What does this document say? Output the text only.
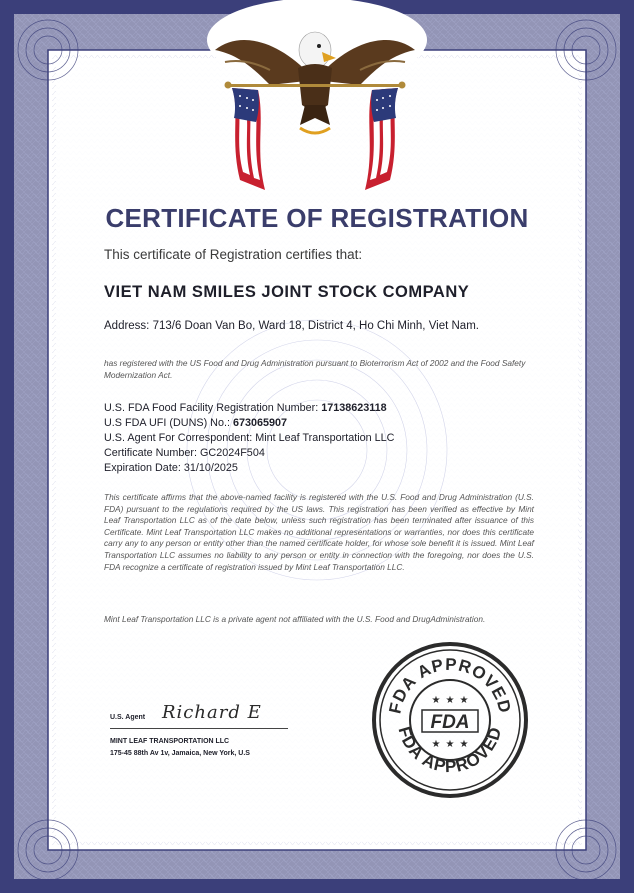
CERTIFICATE OF REGISTRATION
This certificate of Registration certifies that:
VIET NAM SMILES JOINT STOCK COMPANY
Address: 713/6 Doan Van Bo, Ward 18, District 4, Ho Chi Minh, Viet Nam.
has registered with the US Food and Drug Administration pursuant to Bioterrorism Act of 2002 and the Food Safety Modernization Act.
U.S. FDA Food Facility Registration Number: 17138623118
U.S FDA UFI (DUNS) No.: 673065907
U.S. Agent For Correspondent: Mint Leaf Transportation LLC
Certificate Number: GC2024F504
Expiration Date: 31/10/2025
This certificate affirms that the above-named facility is registered with the U.S. Food and Drug Administration (U.S. FDA) pursuant to the regulations required by the US laws. This registration has been verified as effective by Mint Leaf Transportation LLC as of the date below, unless such registration has been terminated after issuance of this Certificate. Mint Leaf Transportation LLC makes no additional representations or warranties, nor does this certificate carry any to any person or entity other than the named certificate holder, for whose sole benefit it is issued. Mint Leaf Transportation LLC assumes no liability to any person or entity in connection with the foregoing, nor does the U.S. FDA recognize a certificate of registration issued by Mint Leaf Transportation LLC.
Mint Leaf Transportation LLC is a private agent not affiliated with the U.S. Food and DrugAdministration.
U.S. Agent Richard E
MINT LEAF TRANSPORTATION LLC
175-45 88th Av 1v, Jamaica, New York, U.S
FDA APPROVED
FDA APPROVED
★ ★ ★
★ ★ ★
FDA
